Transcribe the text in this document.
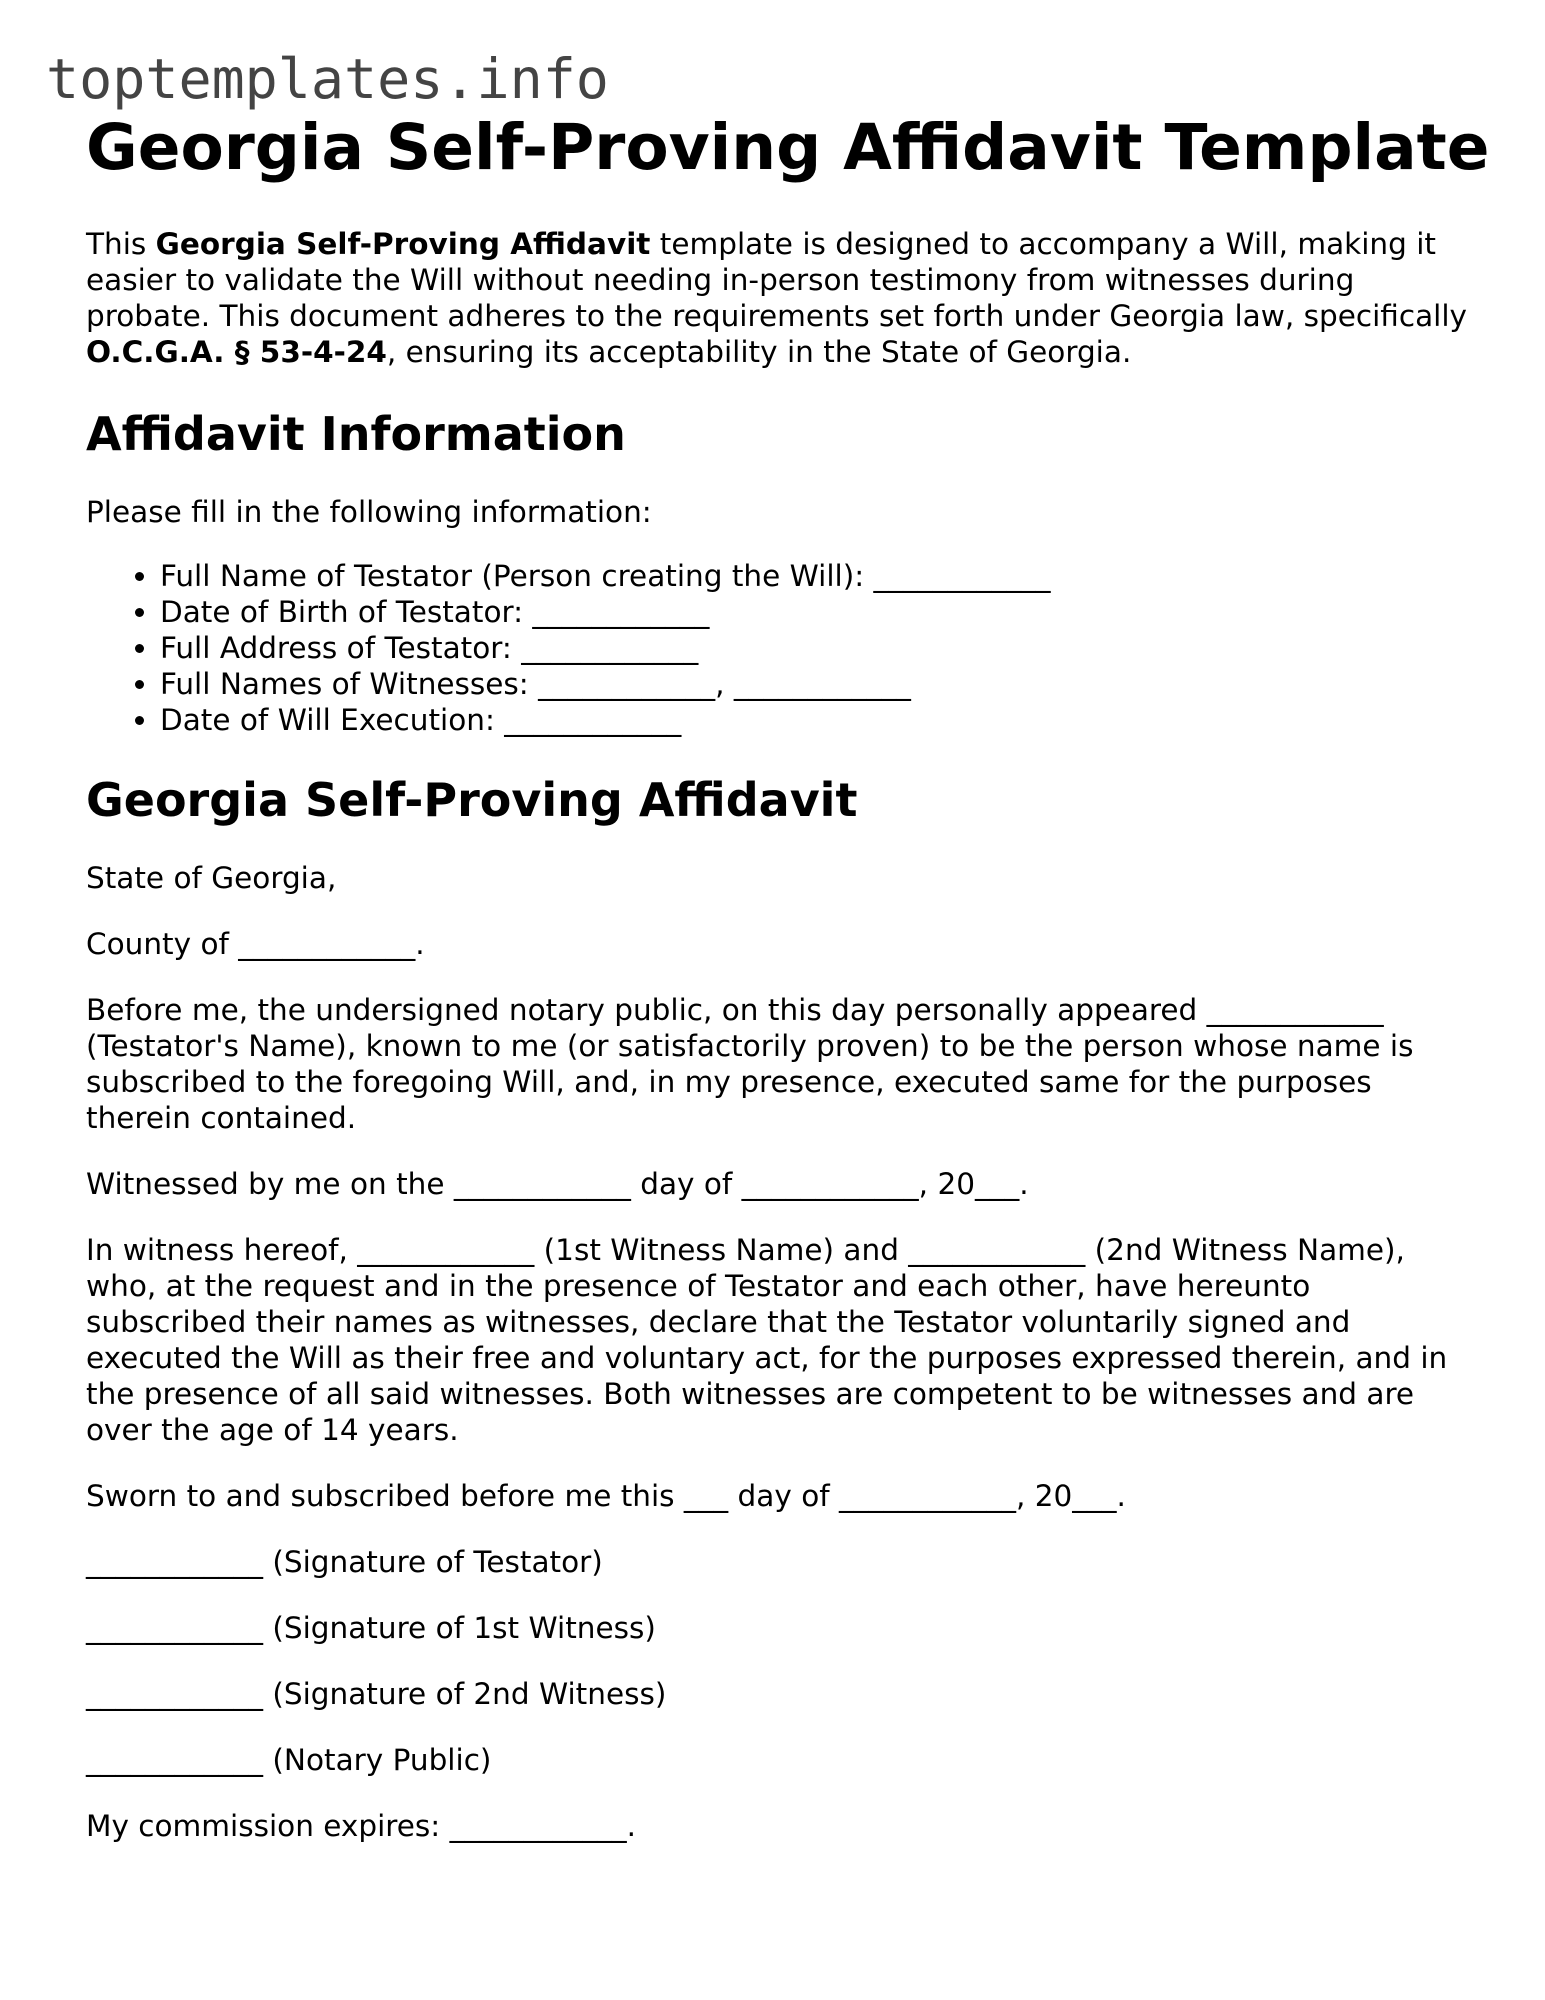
toptemplates.info
Georgia Self-Proving Affidavit Template

This Georgia Self-Proving Affidavit template is designed to accompany a Will, making it easier to validate the Will without needing in-person testimony from witnesses during probate. This document adheres to the requirements set forth under Georgia law, specifically O.C.G.A. § 53-4-24, ensuring its acceptability in the State of Georgia.

Affidavit Information

Please fill in the following information:

• Full Name of Testator (Person creating the Will): ____________
• Date of Birth of Testator: ____________
• Full Address of Testator: ____________
• Full Names of Witnesses: ____________, ____________
• Date of Will Execution: ____________
Georgia Self-Proving Affidavit

State of Georgia,

County of ____________.

Before me, the undersigned notary public, on this day personally appeared ____________ (Testator's Name), known to me (or satisfactorily proven) to be the person whose name is subscribed to the foregoing Will, and, in my presence, executed same for the purposes therein contained.

Witnessed by me on the ____________ day of ____________, 20___.

In witness hereof, ____________ (1st Witness Name) and ____________ (2nd Witness Name), who, at the request and in the presence of Testator and each other, have hereunto subscribed their names as witnesses, declare that the Testator voluntarily signed and executed the Will as their free and voluntary act, for the purposes expressed therein, and in the presence of all said witnesses. Both witnesses are competent to be witnesses and are over the age of 14 years.

Sworn to and subscribed before me this ___ day of ____________, 20___.

____________ (Signature of Testator)

____________ (Signature of 1st Witness)

____________ (Signature of 2nd Witness)

____________ (Notary Public)

My commission expires: ____________.
